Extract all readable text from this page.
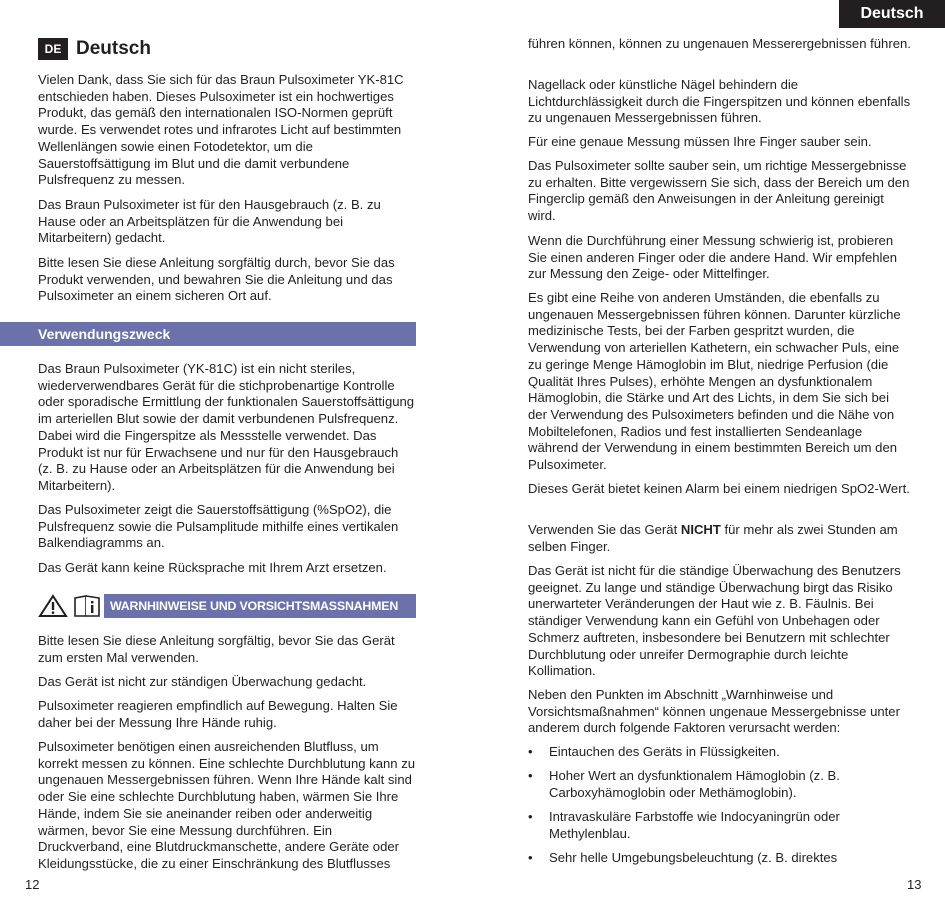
Deutsch
DE Deutsch

Vielen Dank, dass Sie sich für das Braun Pulsoximeter YK-81C entschieden haben. Dieses Pulsoximeter ist ein hochwertiges Produkt, das gemäß den internationalen ISO-Normen geprüft wurde. Es verwendet rotes und infrarotes Licht auf bestimmten Wellenlängen sowie einen Fotodetektor, um die Sauerstoffsättigung im Blut und die damit verbundene Pulsfrequenz zu messen.

Das Braun Pulsoximeter ist für den Hausgebrauch (z. B. zu Hause oder an Arbeitsplätzen für die Anwendung bei Mitarbeitern) gedacht.

Bitte lesen Sie diese Anleitung sorgfältig durch, bevor Sie das Produkt verwenden, und bewahren Sie die Anleitung und das Pulsoximeter an einem sicheren Ort auf.

Verwendungszweck

Das Braun Pulsoximeter (YK-81C) ist ein nicht steriles, wiederverwendbares Gerät für die stichprobenartige Kontrolle oder sporadische Ermittlung der funktionalen Sauerstoffsättigung im arteriellen Blut sowie der damit verbundenen Pulsfrequenz. Dabei wird die Fingerspitze als Messstelle verwendet. Das Produkt ist nur für Erwachsene und nur für den Hausgebrauch (z. B. zu Hause oder an Arbeitsplätzen für die Anwendung bei Mitarbeitern).

Das Pulsoximeter zeigt die Sauerstoffsättigung (%SpO2), die Pulsfrequenz sowie die Pulsamplitude mithilfe eines vertikalen Balkendiagramms an.

Das Gerät kann keine Rücksprache mit Ihrem Arzt ersetzen.

WARNHINWEISE UND VORSICHTSMASSNAHMEN

Bitte lesen Sie diese Anleitung sorgfältig, bevor Sie das Gerät zum ersten Mal verwenden.

Das Gerät ist nicht zur ständigen Überwachung gedacht.

Pulsoximeter reagieren empfindlich auf Bewegung. Halten Sie daher bei der Messung Ihre Hände ruhig.

Pulsoximeter benötigen einen ausreichenden Blutfluss, um korrekt messen zu können. Eine schlechte Durchblutung kann zu ungenauen Messergebnissen führen. Wenn Ihre Hände kalt sind oder Sie eine schlechte Durchblutung haben, wärmen Sie Ihre Hände, indem Sie sie aneinander reiben oder anderweitig wärmen, bevor Sie eine Messung durchführen. Ein Druckverband, eine Blutdruckmanschette, andere Geräte oder Kleidungsstücke, die zu einer Einschränkung des Blutflusses

12

führen können, können zu ungenauen Messerergebnissen führen.

Nagellack oder künstliche Nägel behindern die Lichtdurchlässigkeit durch die Fingerspitzen und können ebenfalls zu ungenauen Messergebnissen führen.

Für eine genaue Messung müssen Ihre Finger sauber sein.

Das Pulsoximeter sollte sauber sein, um richtige Messergebnisse zu erhalten. Bitte vergewissern Sie sich, dass der Bereich um den Fingerclip gemäß den Anweisungen in der Anleitung gereinigt wird.

Wenn die Durchführung einer Messung schwierig ist, probieren Sie einen anderen Finger oder die andere Hand. Wir empfehlen zur Messung den Zeige- oder Mittelfinger.

Es gibt eine Reihe von anderen Umständen, die ebenfalls zu ungenauen Messergebnissen führen können. Darunter kürzliche medizinische Tests, bei der Farben gespritzt wurden, die Verwendung von arteriellen Kathetern, ein schwacher Puls, eine zu geringe Menge Hämoglobin im Blut, niedrige Perfusion (die Qualität Ihres Pulses), erhöhte Mengen an dysfunktionalem Hämoglobin, die Stärke und Art des Lichts, in dem Sie sich bei der Verwendung des Pulsoximeters befinden und die Nähe von Mobiltelefonen, Radios und fest installierten Sendeanlage während der Verwendung in einem bestimmten Bereich um den Pulsoximeter.

Dieses Gerät bietet keinen Alarm bei einem niedrigen SpO2-Wert.

Verwenden Sie das Gerät NICHT für mehr als zwei Stunden am selben Finger.

Das Gerät ist nicht für die ständige Überwachung des Benutzers geeignet. Zu lange und ständige Überwachung birgt das Risiko unerwarteter Veränderungen der Haut wie z. B. Fäulnis. Bei ständiger Verwendung kann ein Gefühl von Unbehagen oder Schmerz auftreten, insbesondere bei Benutzern mit schlechter Durchblutung oder unreifer Dermographie durch leichte Kollimation.

Neben den Punkten im Abschnitt „Warnhinweise und Vorsichtsmaßnahmen“ können ungenaue Messergebnisse unter anderem durch folgende Faktoren verursacht werden:

• Eintauchen des Geräts in Flüssigkeiten.

• Hoher Wert an dysfunktionalem Hämoglobin (z. B. Carboxyhämoglobin oder Methämoglobin).

• Intravaskuläre Farbstoffe wie Indocyaningrün oder Methylenblau.

• Sehr helle Umgebungsbeleuchtung (z. B. direktes

13
